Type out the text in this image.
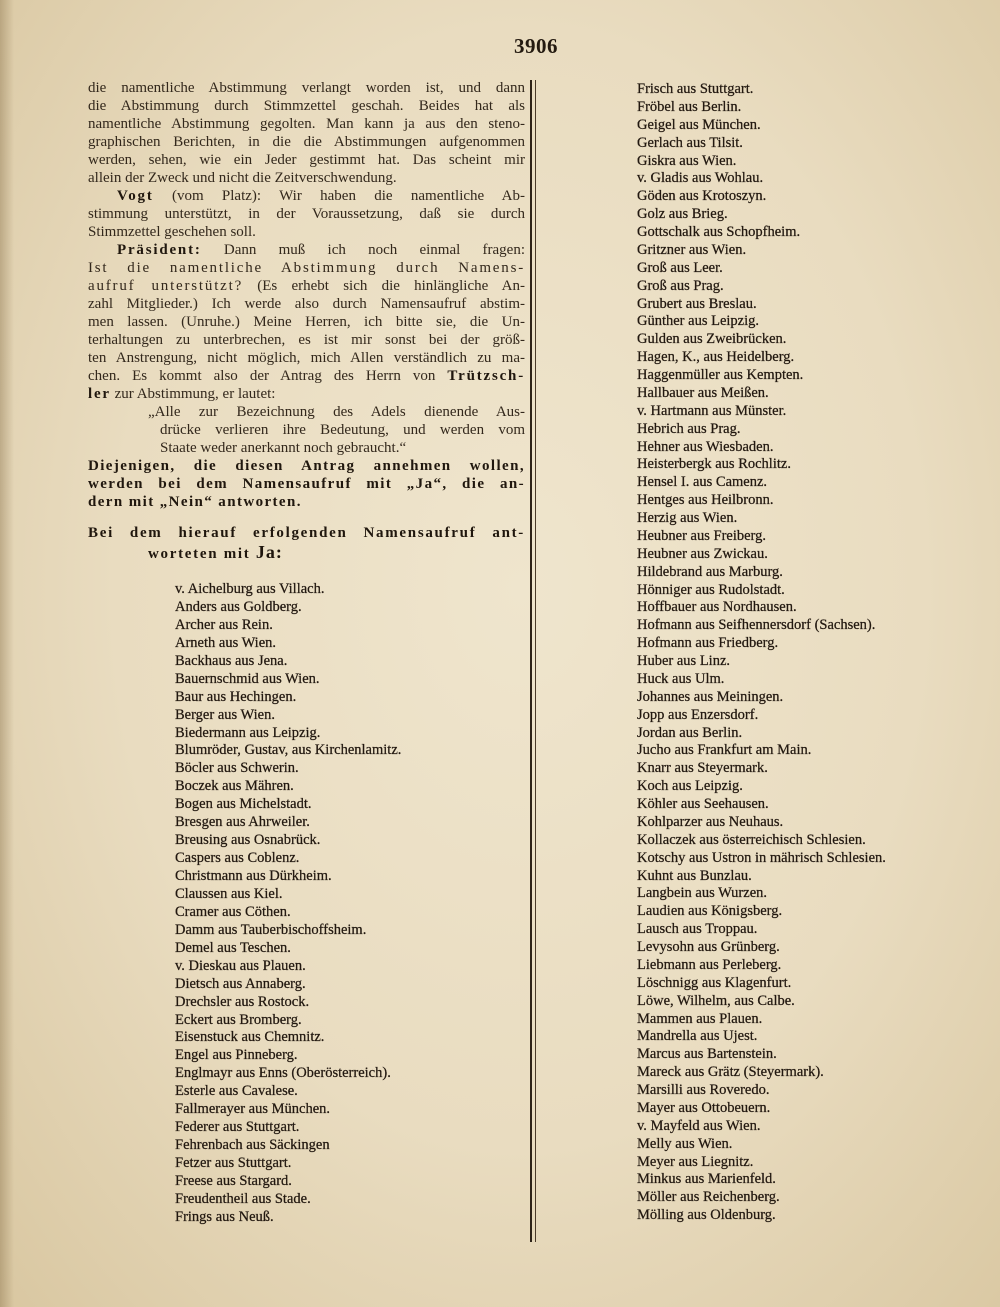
3906
die namentliche Abstimmung verlangt worden ist, und dann
die Abstimmung durch Stimmzettel geschah. Beides hat als
namentliche Abstimmung gegolten. Man kann ja aus den steno-
graphischen Berichten, in die die Abstimmungen aufgenommen
werden, sehen, wie ein Jeder gestimmt hat. Das scheint mir
allein der Zweck und nicht die Zeitverschwendung.
Vogt (vom Platz): Wir haben die namentliche Ab-
stimmung unterstützt, in der Voraussetzung, daß sie durch
Stimmzettel geschehen soll.
Präsident: Dann muß ich noch einmal fragen:
Ist die namentliche Abstimmung durch Namens-
aufruf unterstützt? (Es erhebt sich die hinlängliche An-
zahl Mitglieder.) Ich werde also durch Namensaufruf abstim-
men lassen. (Unruhe.) Meine Herren, ich bitte sie, die Un-
terhaltungen zu unterbrechen, es ist mir sonst bei der größ-
ten Anstrengung, nicht möglich, mich Allen verständlich zu ma-
chen. Es kommt also der Antrag des Herrn von Trützsch-
ler zur Abstimmung, er lautet:
„Alle zur Bezeichnung des Adels dienende Aus-
drücke verlieren ihre Bedeutung, und werden vom
Staate weder anerkannt noch gebraucht.“
Diejenigen, die diesen Antrag annehmen wollen,
werden bei dem Namensaufruf mit „Ja“, die an-
dern mit „Nein“ antworten.
Bei dem hierauf erfolgenden Namensaufruf ant-
worteten mit Ja:
v. Aichelburg aus Villach.
Anders aus Goldberg.
Archer aus Rein.
Arneth aus Wien.
Backhaus aus Jena.
Bauernschmid aus Wien.
Baur aus Hechingen.
Berger aus Wien.
Biedermann aus Leipzig.
Blumröder, Gustav, aus Kirchenlamitz.
Böcler aus Schwerin.
Boczek aus Mähren.
Bogen aus Michelstadt.
Bresgen aus Ahrweiler.
Breusing aus Osnabrück.
Caspers aus Coblenz.
Christmann aus Dürkheim.
Claussen aus Kiel.
Cramer aus Cöthen.
Damm aus Tauberbischoffsheim.
Demel aus Teschen.
v. Dieskau aus Plauen.
Dietsch aus Annaberg.
Drechsler aus Rostock.
Eckert aus Bromberg.
Eisenstuck aus Chemnitz.
Engel aus Pinneberg.
Englmayr aus Enns (Oberösterreich).
Esterle aus Cavalese.
Fallmerayer aus München.
Federer aus Stuttgart.
Fehrenbach aus Säckingen
Fetzer aus Stuttgart.
Freese aus Stargard.
Freudentheil aus Stade.
Frings aus Neuß.
Frisch aus Stuttgart.
Fröbel aus Berlin.
Geigel aus München.
Gerlach aus Tilsit.
Giskra aus Wien.
v. Gladis aus Wohlau.
Göden aus Krotoszyn.
Golz aus Brieg.
Gottschalk aus Schopfheim.
Gritzner aus Wien.
Groß aus Leer.
Groß aus Prag.
Grubert aus Breslau.
Günther aus Leipzig.
Gulden aus Zweibrücken.
Hagen, K., aus Heidelberg.
Haggenmüller aus Kempten.
Hallbauer aus Meißen.
v. Hartmann aus Münster.
Hebrich aus Prag.
Hehner aus Wiesbaden.
Heisterbergk aus Rochlitz.
Hensel I. aus Camenz.
Hentges aus Heilbronn.
Herzig aus Wien.
Heubner aus Freiberg.
Heubner aus Zwickau.
Hildebrand aus Marburg.
Hönniger aus Rudolstadt.
Hoffbauer aus Nordhausen.
Hofmann aus Seifhennersdorf (Sachsen).
Hofmann aus Friedberg.
Huber aus Linz.
Huck aus Ulm.
Johannes aus Meiningen.
Jopp aus Enzersdorf.
Jordan aus Berlin.
Jucho aus Frankfurt am Main.
Knarr aus Steyermark.
Koch aus Leipzig.
Köhler aus Seehausen.
Kohlparzer aus Neuhaus.
Kollaczek aus österreichisch Schlesien.
Kotschy aus Ustron in mährisch Schlesien.
Kuhnt aus Bunzlau.
Langbein aus Wurzen.
Laudien aus Königsberg.
Lausch aus Troppau.
Levysohn aus Grünberg.
Liebmann aus Perleberg.
Löschnigg aus Klagenfurt.
Löwe, Wilhelm, aus Calbe.
Mammen aus Plauen.
Mandrella aus Ujest.
Marcus aus Bartenstein.
Mareck aus Grätz (Steyermark).
Marsilli aus Roveredo.
Mayer aus Ottobeuern.
v. Mayfeld aus Wien.
Melly aus Wien.
Meyer aus Liegnitz.
Minkus aus Marienfeld.
Möller aus Reichenberg.
Mölling aus Oldenburg.
